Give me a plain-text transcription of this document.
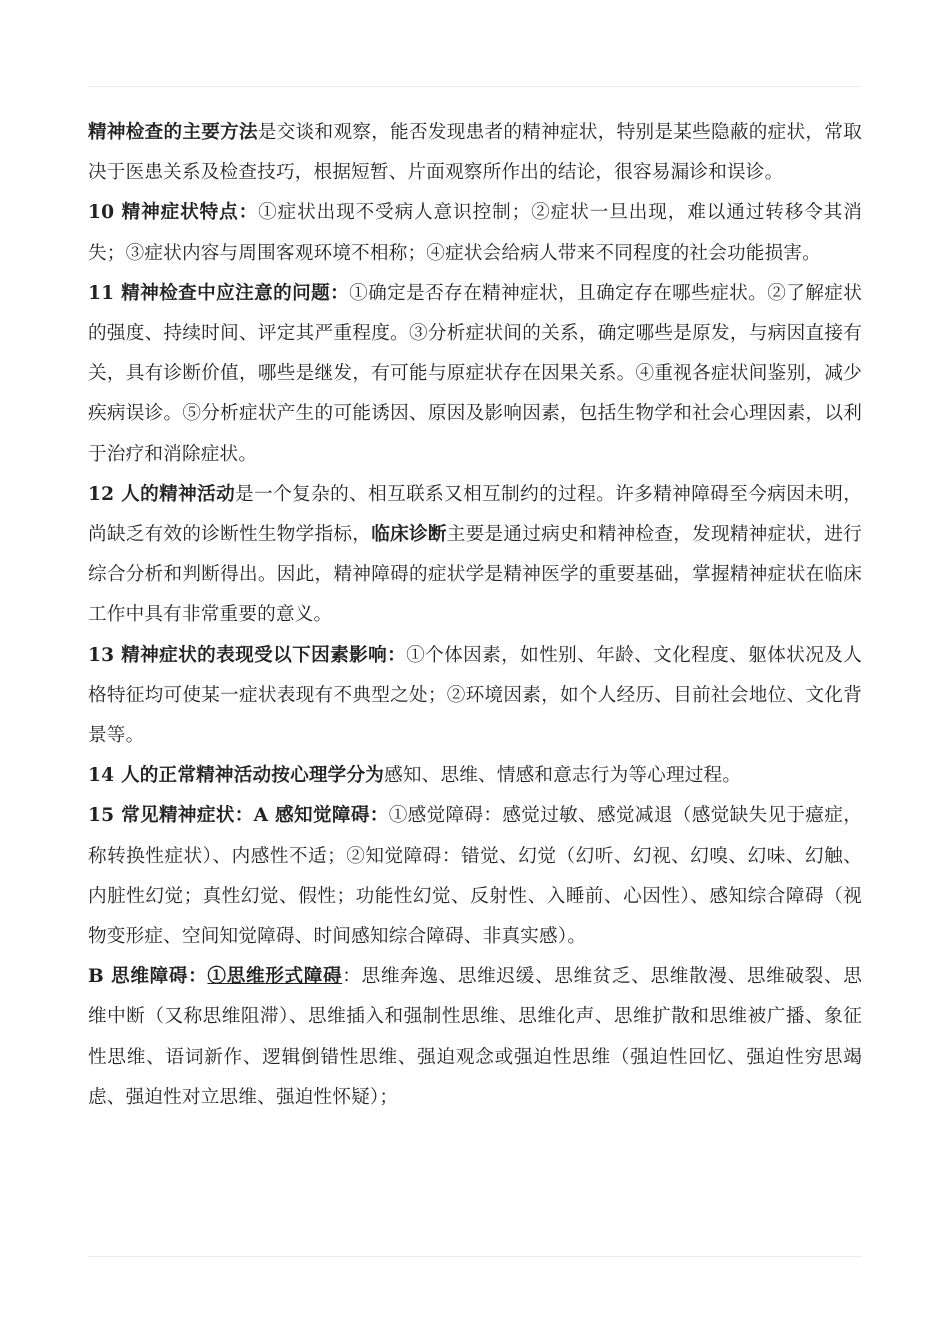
精神检查的主要方法是交谈和观察，能否发现患者的精神症状，特别是某些隐蔽的症状，常取决于医患关系及检查技巧，根据短暂、片面观察所作出的结论，很容易漏诊和误诊。

10 精神症状特点：①症状出现不受病人意识控制；②症状一旦出现，难以通过转移令其消失；③症状内容与周围客观环境不相称；④症状会给病人带来不同程度的社会功能损害。

11 精神检查中应注意的问题：①确定是否存在精神症状，且确定存在哪些症状。②了解症状的强度、持续时间、评定其严重程度。③分析症状间的关系，确定哪些是原发，与病因直接有关，具有诊断价值，哪些是继发，有可能与原症状存在因果关系。④重视各症状间鉴别，减少疾病误诊。⑤分析症状产生的可能诱因、原因及影响因素，包括生物学和社会心理因素，以利于治疗和消除症状。

12 人的精神活动是一个复杂的、相互联系又相互制约的过程。许多精神障碍至今病因未明，尚缺乏有效的诊断性生物学指标，临床诊断主要是通过病史和精神检查，发现精神症状，进行综合分析和判断得出。因此，精神障碍的症状学是精神医学的重要基础，掌握精神症状在临床工作中具有非常重要的意义。

13 精神症状的表现受以下因素影响：①个体因素，如性别、年龄、文化程度、躯体状况及人格特征均可使某一症状表现有不典型之处；②环境因素，如个人经历、目前社会地位、文化背景等。

14 人的正常精神活动按心理学分为感知、思维、情感和意志行为等心理过程。

15 常见精神症状：A 感知觉障碍：①感觉障碍：感觉过敏、感觉减退（感觉缺失见于癔症，称转换性症状）、内感性不适；②知觉障碍：错觉、幻觉（幻听、幻视、幻嗅、幻味、幻触、内脏性幻觉；真性幻觉、假性；功能性幻觉、反射性、入睡前、心因性）、感知综合障碍（视物变形症、空间知觉障碍、时间感知综合障碍、非真实感）。

B 思维障碍：①思维形式障碍：思维奔逸、思维迟缓、思维贫乏、思维散漫、思维破裂、思维中断（又称思维阻滞）、思维插入和强制性思维、思维化声、思维扩散和思维被广播、象征性思维、语词新作、逻辑倒错性思维、强迫观念或强迫性思维（强迫性回忆、强迫性穷思竭虑、强迫性对立思维、强迫性怀疑）；
